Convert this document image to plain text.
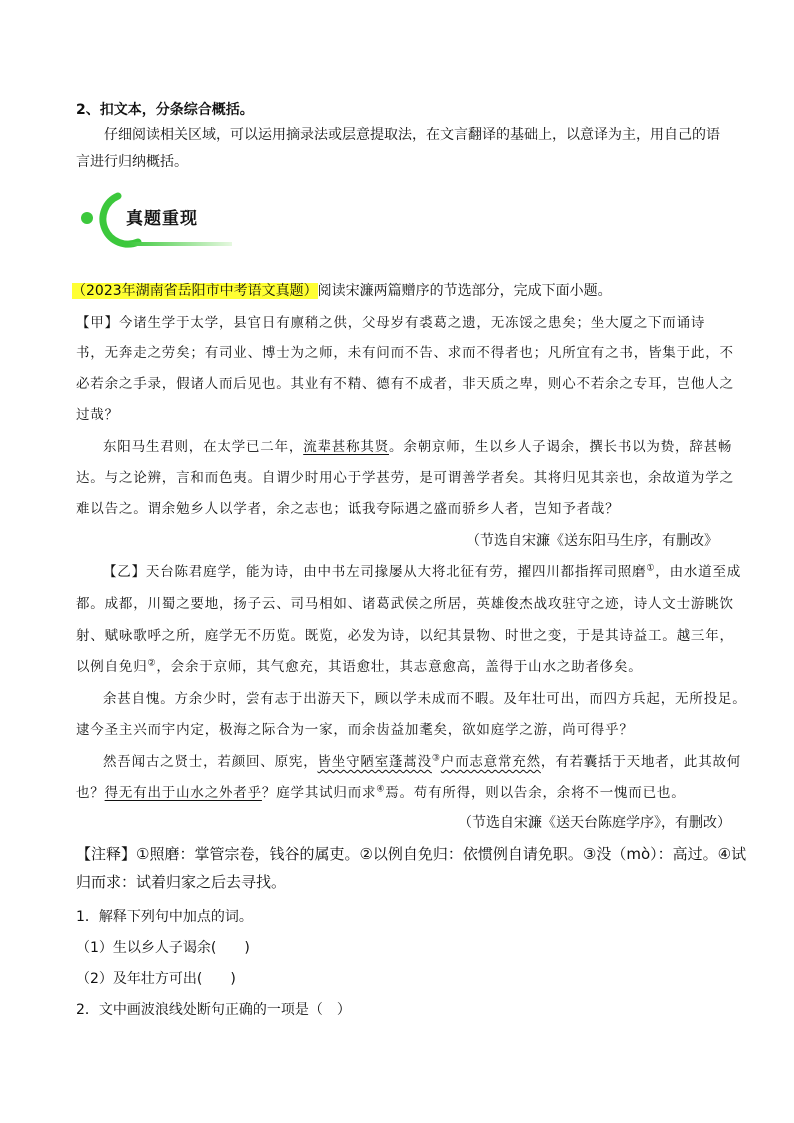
2、扣文本，分条综合概括。
仔细阅读相关区域，可以运用摘录法或层意提取法，在文言翻译的基础上，以意译为主，用自己的语
言进行归纳概括。
真题重现
（2023年湖南省岳阳市中考语文真题）阅读宋濂两篇赠序的节选部分，完成下面小题。
【甲】今诸生学于太学，县官日有廪稍之供，父母岁有裘葛之遗，无冻馁之患矣；坐大厦之下而诵诗
书，无奔走之劳矣；有司业、博士为之师，未有问而不告、求而不得者也；凡所宜有之书，皆集于此，不
必若余之手录，假诸人而后见也。其业有不精、德有不成者，非天质之卑，则心不若余之专耳，岂他人之
过哉？
东阳马生君则，在太学已二年，流辈甚称其贤。余朝京师，生以乡人子谒余，撰长书以为贽，辞甚畅
达。与之论辨，言和而色夷。自谓少时用心于学甚劳，是可谓善学者矣。其将归见其亲也，余故道为学之
难以告之。谓余勉乡人以学者，余之志也；诋我夸际遇之盛而骄乡人者，岂知予者哉？
（节选自宋濂《送东阳马生序，有删改》
【乙】天台陈君庭学，能为诗，由中书左司掾屡从大将北征有劳，擢四川都指挥司照磨①，由水道至成
都。成都，川蜀之要地，扬子云、司马相如、诸葛武侯之所居，英雄俊杰战攻驻守之迹，诗人文士游眺饮
射、赋咏歌呼之所，庭学无不历览。既览，必发为诗，以纪其景物、时世之变，于是其诗益工。越三年，
以例自免归②，会余于京师，其气愈充，其语愈壮，其志意愈高，盖得于山水之助者侈矣。
余甚自愧。方余少时，尝有志于出游天下，顾以学未成而不暇。及年壮可出，而四方兵起，无所投足。
逮今圣主兴而宇内定，极海之际合为一家，而余齿益加耄矣，欲如庭学之游，尚可得乎？
然吾闻古之贤士，若颜回、原宪，皆坐守陋室蓬蒿没③户而志意常充然，有若囊括于天地者，此其故何
也？得无有出于山水之外者乎？庭学其试归而求④焉。苟有所得，则以告余，余将不一愧而已也。
（节选自宋濂《送天台陈庭学序》，有删改）
【注释】①照磨：掌管宗卷，钱谷的属吏。②以例自免归：依惯例自请免职。③没（mò）：高过。④试
归而求：试着归家之后去寻找。
1．解释下列句中加点的词。
（1）生以乡人子谒余(　　)
（2）及年壮方可出(　　)
2．文中画波浪线处断句正确的一项是（　）
